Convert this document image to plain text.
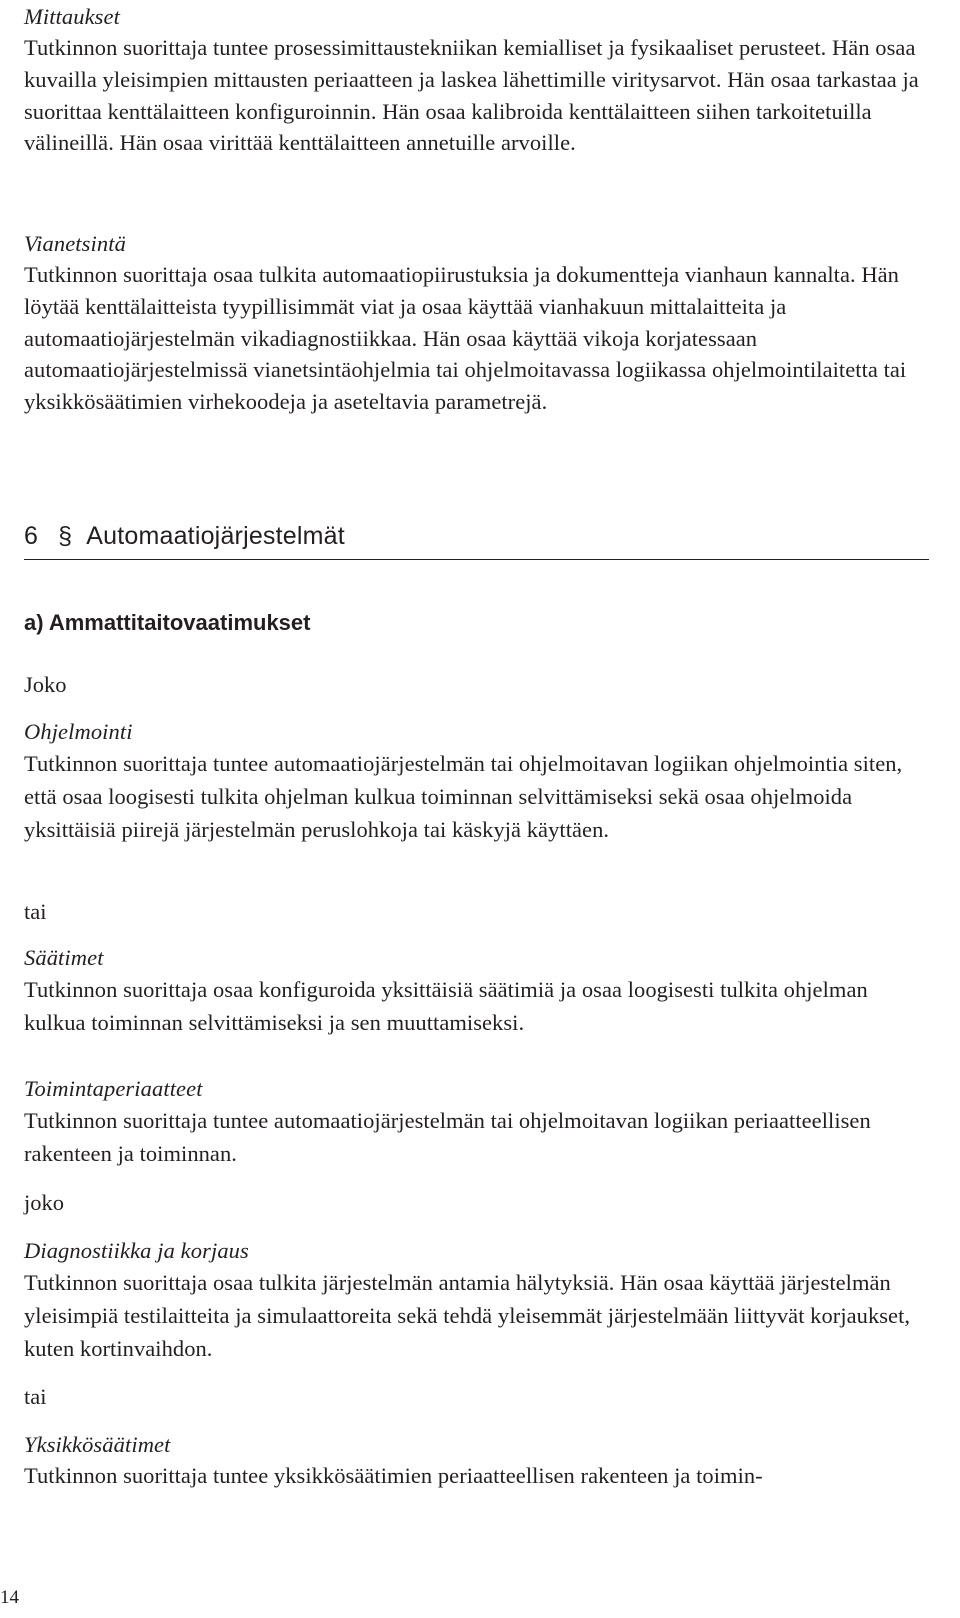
Mittaukset

Tutkinnon suorittaja tuntee prosessimittaustekniikan kemialliset ja fysikaaliset perusteet. Hän osaa kuvailla yleisimpien mittausten periaatteen ja laskea lähettimille viritysarvot. Hän osaa tarkastaa ja suorittaa kenttälaitteen konfiguroinnin. Hän osaa kalibroida kenttälaitteen siihen tarkoitetuilla välineillä. Hän osaa virittää kenttälaitteen annetuille arvoille.

Vianetsintä

Tutkinnon suorittaja osaa tulkita automaatiopiirustuksia ja dokumentteja vianhaun kannalta. Hän löytää kenttälaitteista tyypillisimmät viat ja osaa käyttää vianhakuun mittalaitteita ja automaatiojärjestelmän vikadiagnostiikkaa. Hän osaa käyttää vikoja korjatessaan automaatiojärjestelmissä vianetsintäohjelmia tai ohjelmoitavassa logiikassa ohjelmointilaitetta tai yksikkösäätimien virhekoodeja ja aseteltavia parametrejä.

6 § Automaatiojärjestelmät

a) Ammattitaitovaatimukset

Joko

Ohjelmointi

Tutkinnon suorittaja tuntee automaatiojärjestelmän tai ohjelmoitavan logiikan ohjelmointia siten, että osaa loogisesti tulkita ohjelman kulkua toiminnan selvittämiseksi sekä osaa ohjelmoida yksittäisiä piirejä järjestelmän peruslohkoja tai käskyjä käyttäen.

tai

Säätimet

Tutkinnon suorittaja osaa konfiguroida yksittäisiä säätimiä ja osaa loogisesti tulkita ohjelman kulkua toiminnan selvittämiseksi ja sen muuttamiseksi.

Toimintaperiaatteet

Tutkinnon suorittaja tuntee automaatiojärjestelmän tai ohjelmoitavan logiikan periaatteellisen rakenteen ja toiminnan.

joko

Diagnostiikka ja korjaus

Tutkinnon suorittaja osaa tulkita järjestelmän antamia hälytyksiä. Hän osaa käyttää järjestelmän yleisimpiä testilaitteita ja simulaattoreita sekä tehdä yleisemmät järjestelmään liittyvät korjaukset, kuten kortinvaihdon.

tai

Yksikkösäätimet

Tutkinnon suorittaja tuntee yksikkösäätimien periaatteellisen rakenteen ja toimin-

14
